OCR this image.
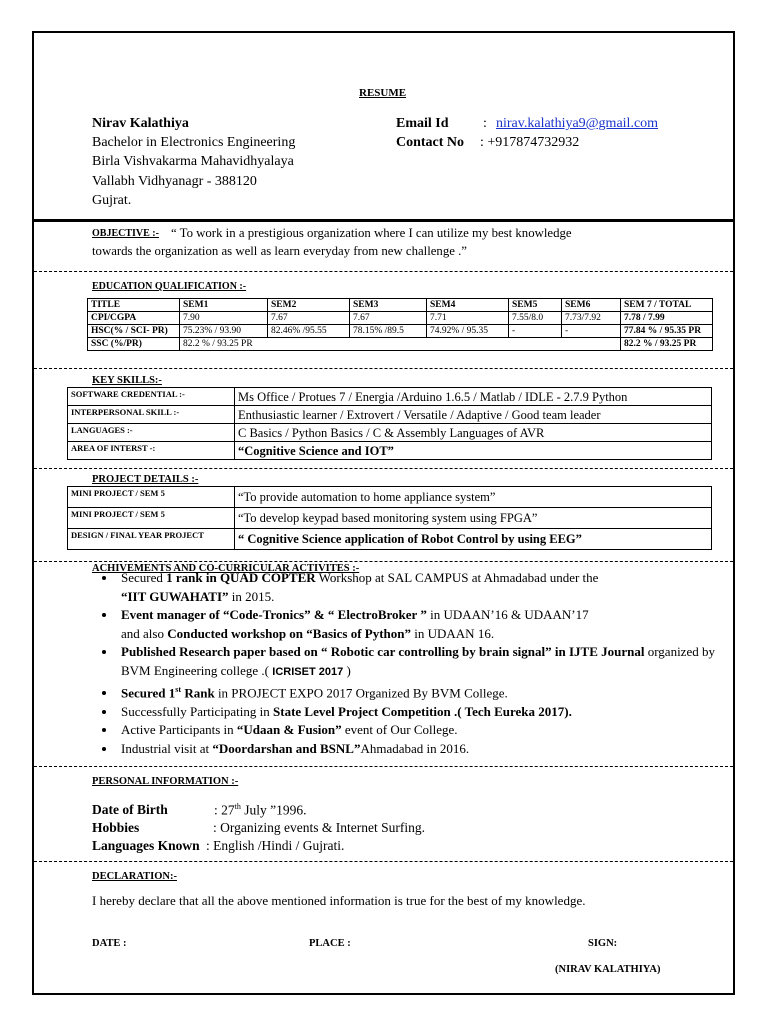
RESUME
Nirav Kalathiya
Bachelor in Electronics Engineering
Birla Vishvakarma Mahavidhyalaya
Vallabh Vidhyanagr - 388120
Gujrat.
Email Id : nirav.kalathiya9@gmail.com
Contact No : +917874732932
OBJECTIVE :- “ To work in a prestigious organization where I can utilize my best knowledge
towards the organization as well as learn everyday from new challenge .”
EDUCATION QUALIFICATION :-
TITLE	SEM1	SEM2	SEM3	SEM4	SEM5	SEM6	SEM 7 / TOTAL
CPI/CGPA	7.90	7.67	7.67	7.71	7.55/8.0	7.73/7.92	7.78 / 7.99
HSC(% / SCI- PR)	75.23% / 93.90	82.46% /95.55	78.15% /89.5	74.92% / 95.35	-	-	77.84 % / 95.35 PR
SSC (%/PR)	82.2 % / 93.25 PR						82.2 % / 93.25 PR
KEY SKILLS:-
SOFTWARE CREDENTIAL :-	Ms Office / Protues 7 / Energia /Arduino 1.6.5 / Matlab / IDLE - 2.7.9 Python
INTERPERSONAL SKILL :-	Enthusiastic learner / Extrovert / Versatile / Adaptive / Good team leader
LANGUAGES :-	C Basics / Python Basics / C & Assembly Languages of AVR
AREA OF INTERST -:	“Cognitive Science and IOT”
PROJECT DETAILS :-
MINI PROJECT / SEM 5	“To provide automation to home appliance system”
MINI PROJECT / SEM 5	“To develop keypad based monitoring system using FPGA”
DESIGN / FINAL YEAR PROJECT	“ Cognitive Science application of Robot Control by using EEG”
ACHIVEMENTS AND CO-CURRICULAR ACTIVITES :-
• Secured 1 rank in QUAD COPTER Workshop at SAL CAMPUS at Ahmadabad under the
“IIT GUWAHATI” in 2015.
• Event manager of “Code-Tronics” & “ ElectroBroker ” in UDAAN’16 & UDAAN’17
and also Conducted workshop on “Basics of Python” in UDAAN 16.
• Published Research paper based on “ Robotic car controlling by brain signal” in IJTE Journal organized by BVM Engineering college .( ICRISET 2017 )
• Secured 1st Rank in PROJECT EXPO 2017 Organized By BVM College.
• Successfully Participating in State Level Project Competition .( Tech Eureka 2017).
• Active Participants in “Udaan & Fusion” event of Our College.
• Industrial visit at “Doordarshan and BSNL”Ahmadabad in 2016.
PERSONAL INFORMATION :-
Date of Birth	: 27th July ”1996.
Hobbies	: Organizing events & Internet Surfing.
Languages Known : English /Hindi / Gujrati.
DECLARATION:-
I hereby declare that all the above mentioned information is true for the best of my knowledge.
DATE :	PLACE :	SIGN:
(NIRAV KALATHIYA)
